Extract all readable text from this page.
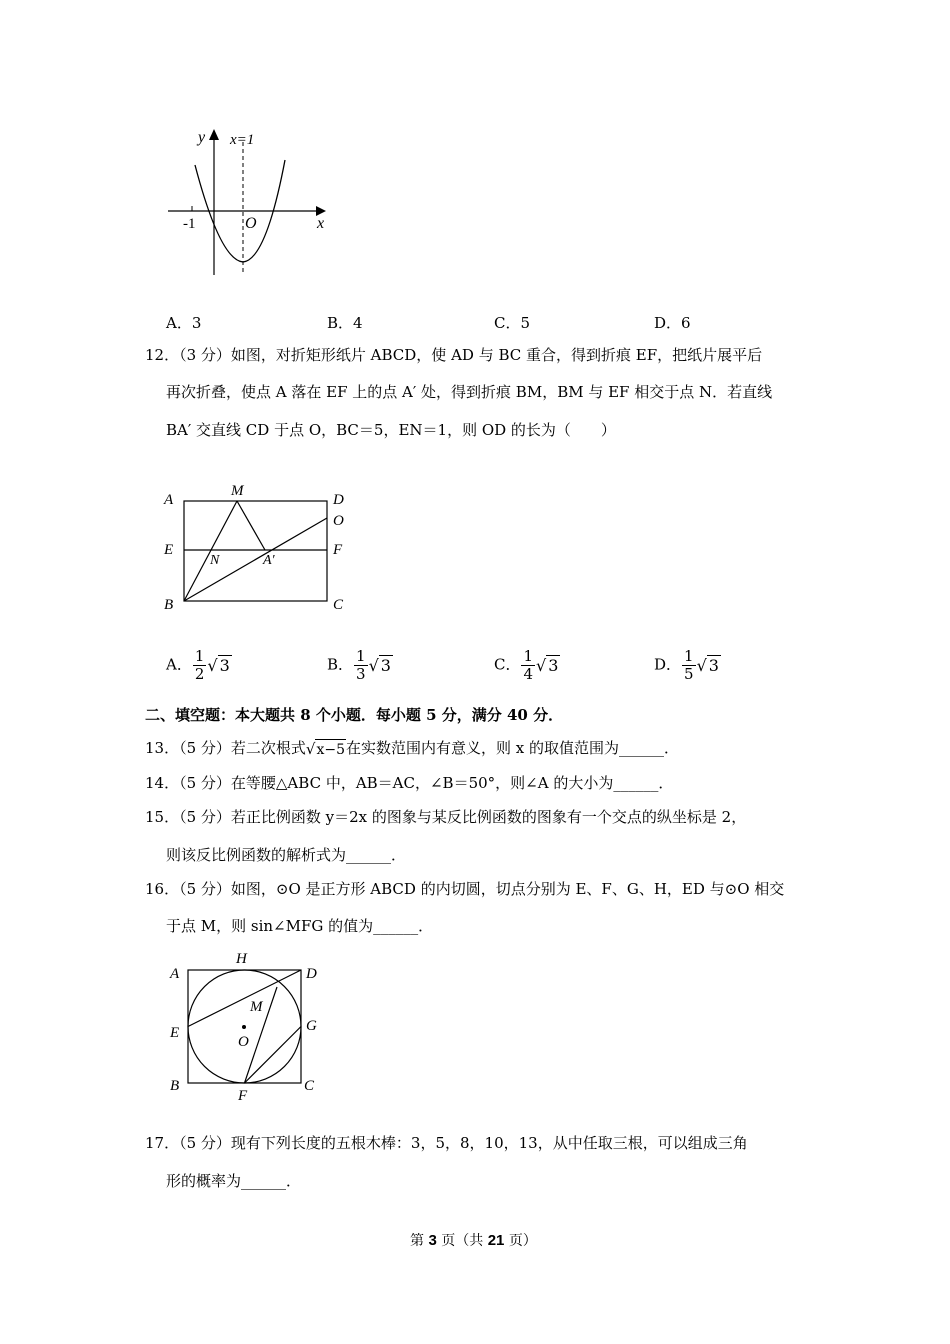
y x=1
-1	O	x
A．3	B．4	C．5	D．6
12．（3 分）如图，对折矩形纸片 ABCD，使 AD 与 BC 重合，得到折痕 EF，把纸片展平后
再次折叠，使点 A 落在 EF 上的点 A′ 处，得到折痕 BM，BM 与 EF 相交于点 N．若直线
BA′ 交直线 CD 于点 O，BC＝5，EN＝1，则 OD 的长为（　　）
A
M
D
O
E
N	A′
F
B	C
A． $\frac{1}{2}$ √ 3	B． $\frac{1}{3}$ √ 3	C． $\frac{1}{4}$ √ 3	D． $\frac{1}{5}$ √ 3
二、填空题：本大题共 8 个小题．每小题 5 分，满分 40 分．
13．（5 分）若二次根式√x−5在实数范围内有意义，则 x 的取值范围为______．
14．（5 分）在等腰△ABC 中，AB＝AC，∠B＝50°，则∠A 的大小为______．
15．（5 分）若正比例函数 y＝2x 的图象与某反比例函数的图象有一个交点的纵坐标是 2，
则该反比例函数的解析式为______．
16．（5 分）如图，⊙O 是正方形 ABCD 的内切圆，切点分别为 E、F、G、H，ED 与⊙O 相交
于点 M，则 sin∠MFG 的值为______．
A
H
D
M
E
O
G
B
F
C
17．（5 分）现有下列长度的五根木棒：3，5，8，10，13，从中任取三根，可以组成三角
形的概率为______．
第 3 页（共 21 页）
